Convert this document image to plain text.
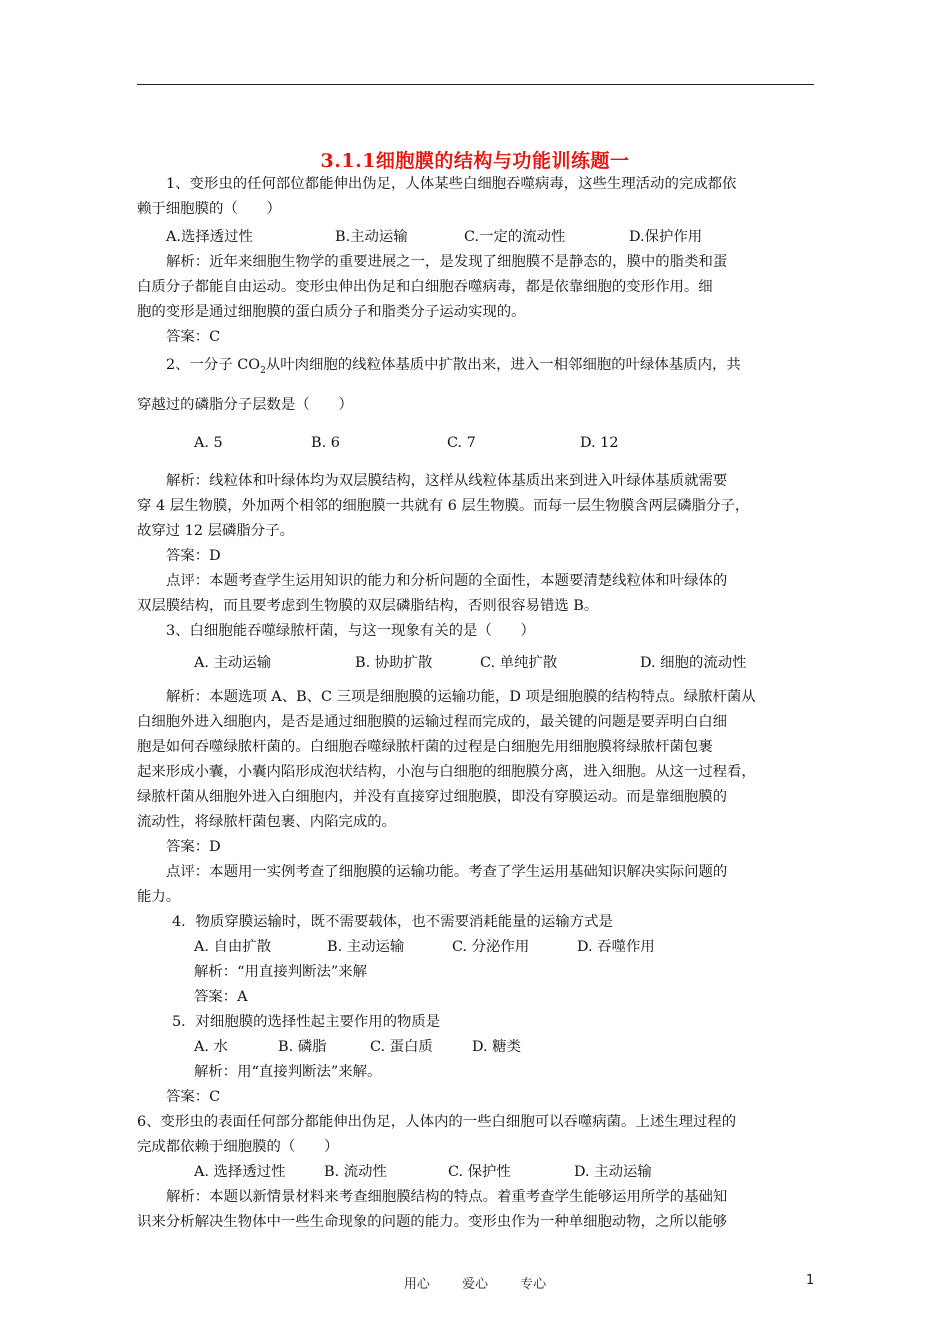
3.1.1细胞膜的结构与功能训练题一

1、变形虫的任何部位都能伸出伪足，人体某些白细胞吞噬病毒，这些生理活动的完成都依

赖于细胞膜的（　　）

A.选择透过性	B.主动运输	C.一定的流动性	D.保护作用

解析：近年来细胞生物学的重要进展之一，是发现了细胞膜不是静态的，膜中的脂类和蛋

白质分子都能自由运动。变形虫伸出伪足和白细胞吞噬病毒，都是依靠细胞的变形作用。细

胞的变形是通过细胞膜的蛋白质分子和脂类分子运动实现的。

答案：C

2、一分子 $CO_2$从叶肉细胞的线粒体基质中扩散出来，进入一相邻细胞的叶绿体基质内，共

穿越过的磷脂分子层数是（　　）

A. 5	B. 6	C. 7	D. 12

解析：线粒体和叶绿体均为双层膜结构，这样从线粒体基质出来到进入叶绿体基质就需要

穿 4 层生物膜，外加两个相邻的细胞膜一共就有 6 层生物膜。而每一层生物膜含两层磷脂分子，

故穿过 12 层磷脂分子。

答案：D

点评：本题考查学生运用知识的能力和分析问题的全面性，本题要清楚线粒体和叶绿体的

双层膜结构，而且要考虑到生物膜的双层磷脂结构，否则很容易错选 B。

3、白细胞能吞噬绿脓杆菌，与这一现象有关的是（　　）

A. 主动运输	B. 协助扩散	C. 单纯扩散	D. 细胞的流动性

解析：本题选项 A、B、C 三项是细胞膜的运输功能，D 项是细胞膜的结构特点。绿脓杆菌从

白细胞外进入细胞内，是否是通过细胞膜的运输过程而完成的，最关键的问题是要弄明白白细

胞是如何吞噬绿脓杆菌的。白细胞吞噬绿脓杆菌的过程是白细胞先用细胞膜将绿脓杆菌包裹

起来形成小囊，小囊内陷形成泡状结构，小泡与白细胞的细胞膜分离，进入细胞。从这一过程看，

绿脓杆菌从细胞外进入白细胞内，并没有直接穿过细胞膜，即没有穿膜运动。而是靠细胞膜的

流动性，将绿脓杆菌包裹、内陷完成的。

答案：D

点评：本题用一实例考查了细胞膜的运输功能。考查了学生运用基础知识解决实际问题的

能力。

4．物质穿膜运输时，既不需要载体，也不需要消耗能量的运输方式是

A. 自由扩散	B. 主动运输	C. 分泌作用	D. 吞噬作用

解析：“用直接判断法”来解

答案：A

5．对细胞膜的选择性起主要作用的物质是

A. 水	B. 磷脂	C. 蛋白质	D. 糖类

解析：用“直接判断法”来解。

答案：C

6、变形虫的表面任何部分都能伸出伪足，人体内的一些白细胞可以吞噬病菌。上述生理过程的

完成都依赖于细胞膜的（　　）

A. 选择透过性	B. 流动性	C. 保护性	D. 主动运输

解析：本题以新情景材料来考查细胞膜结构的特点。着重考查学生能够运用所学的基础知

识来分析解决生物体中一些生命现象的问题的能力。变形虫作为一种单细胞动物，之所以能够

用心 爱心 专心	1
